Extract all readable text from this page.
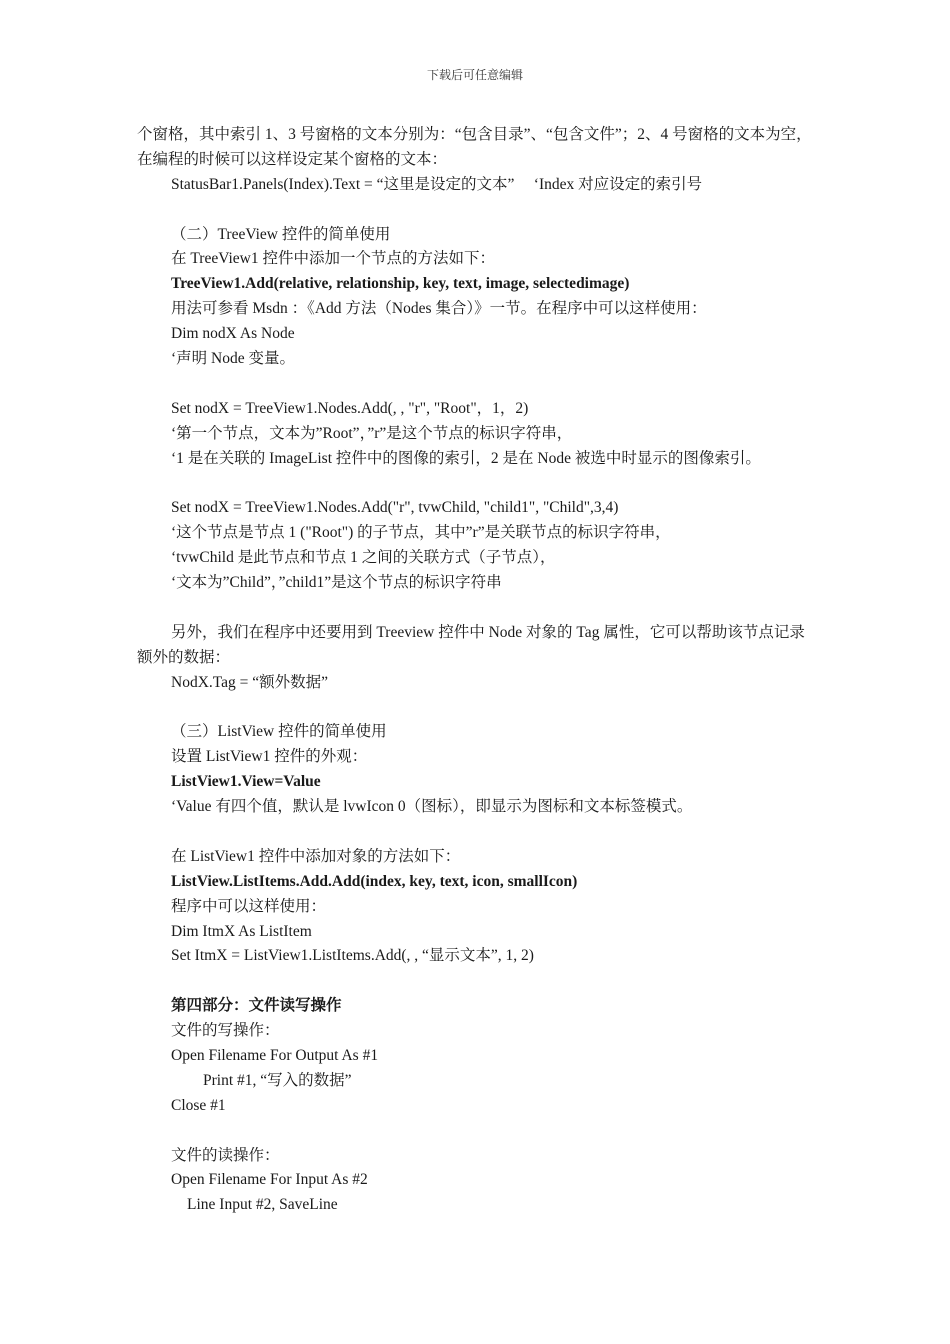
下载后可任意编辑

个窗格，其中索引 1、3 号窗格的文本分别为：“包含目录”、“包含文件”；2、4 号窗格的文本为空，在编程的时候可以这样设定某个窗格的文本：

StatusBar1.Panels(Index).Text = “这里是设定的文本”     ‘Index 对应设定的索引号
（二）TreeView 控件的简单使用
在 TreeView1 控件中添加一个节点的方法如下：
TreeView1.Add(relative, relationship, key, text, image, selectedimage)
用法可参看 Msdn ：《Add 方法（Nodes 集合）》一节。在程序中可以这样使用：
Dim nodX As Node
‘声明 Node 变量。
Set nodX = TreeView1.Nodes.Add(, , "r", "Root"，1，2)
‘第一个节点，文本为”Root”，”r”是这个节点的标识字符串，
‘1 是在关联的 ImageList 控件中的图像的索引，2 是在 Node 被选中时显示的图像索引。
Set nodX = TreeView1.Nodes.Add("r", tvwChild, "child1", "Child",3,4)
‘这个节点是节点 1 ("Root") 的子节点，其中”r”是关联节点的标识字符串，
‘tvwChild 是此节点和节点 1 之间的关联方式（子节点），
‘文本为”Child”，”child1”是这个节点的标识字符串

另外，我们在程序中还要用到 Treeview 控件中 Node 对象的 Tag 属性，它可以帮助该节点记录额外的数据：

NodX.Tag = “额外数据”
（三）ListView 控件的简单使用
设置 ListView1 控件的外观：
ListView1.View=Value
‘Value 有四个值，默认是 lvwIcon 0（图标），即显示为图标和文本标签模式。
在 ListView1 控件中添加对象的方法如下：
ListView.ListItems.Add.Add(index, key, text, icon, smallIcon)
程序中可以这样使用：
Dim ItmX As ListItem
Set ItmX = ListView1.ListItems.Add(, , “显示文本”, 1, 2)
第四部分：文件读写操作
文件的写操作：
Open Filename For Output As #1
Print #1, “写入的数据”
Close #1
文件的读操作：
Open Filename For Input As #2
Line Input #2, SaveLine
